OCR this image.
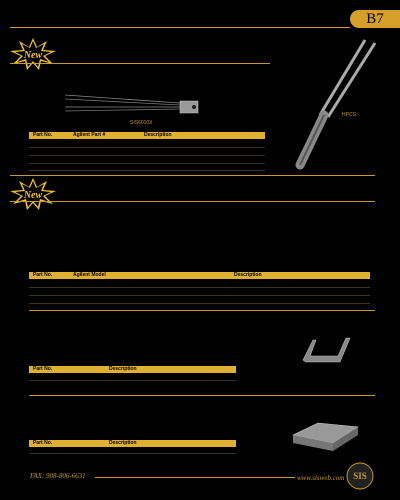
B7
New
SIS6010X
HPCS
Part No.	Agilent Part #	Description
New
Part No.	Agilent Model	Description
Part No.	Description
Part No.	Description
FAX: 908-806-6631	www.sisweb.com SIS
